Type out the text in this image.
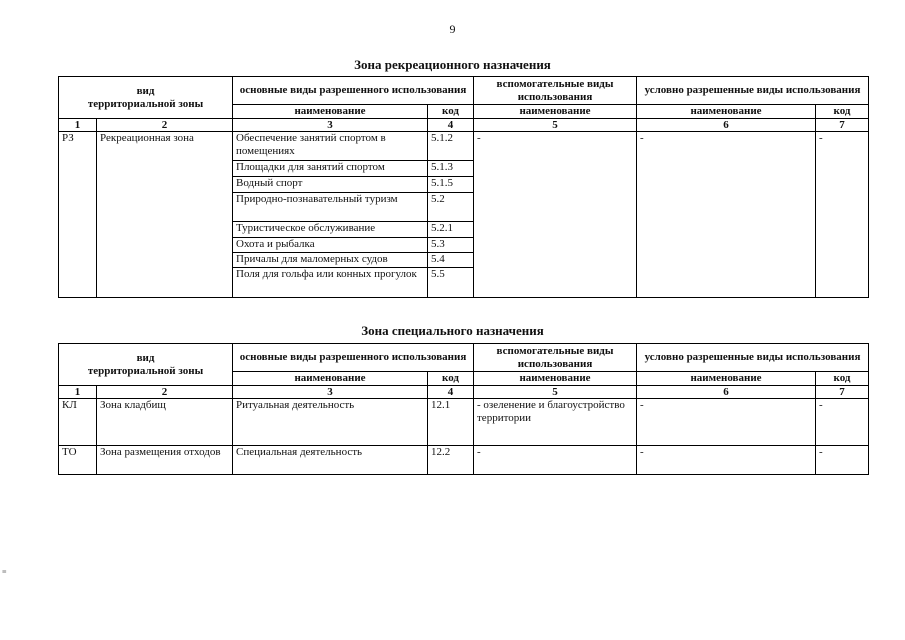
9
Зона рекреационного назначения
вид
территориальной зоны		основные виды разрешенного использования		вспомогательные виды использования	условно разрешенные виды использования	
		наименование	код	наименование	наименование	код
1	2	3	4	5	6	7
РЗ	Рекреационная зона	Обеспечение занятий спортом в помещениях	5.1.2	-	-	-
		Площадки для занятий спортом	5.1.3			
		Водный спорт	5.1.5			
		Природно-познавательный туризм	5.2			
		Туристическое обслуживание	5.2.1			
		Охота и рыбалка	5.3			
		Причалы для маломерных судов	5.4			
		Поля для гольфа или конных прогулок	5.5			
Зона специального назначения
вид
территориальной зоны		основные виды разрешенного использования		вспомогательные виды использования	условно разрешенные виды использования	
		наименование	код	наименование	наименование	код
1	2	3	4	5	6	7
КЛ	Зона кладбищ	Ритуальная деятельность	12.1	- озеленение и благоустройство территории	-	-
ТО	Зона размещения отходов	Специальная деятельность	12.2	-	-	-
≡
